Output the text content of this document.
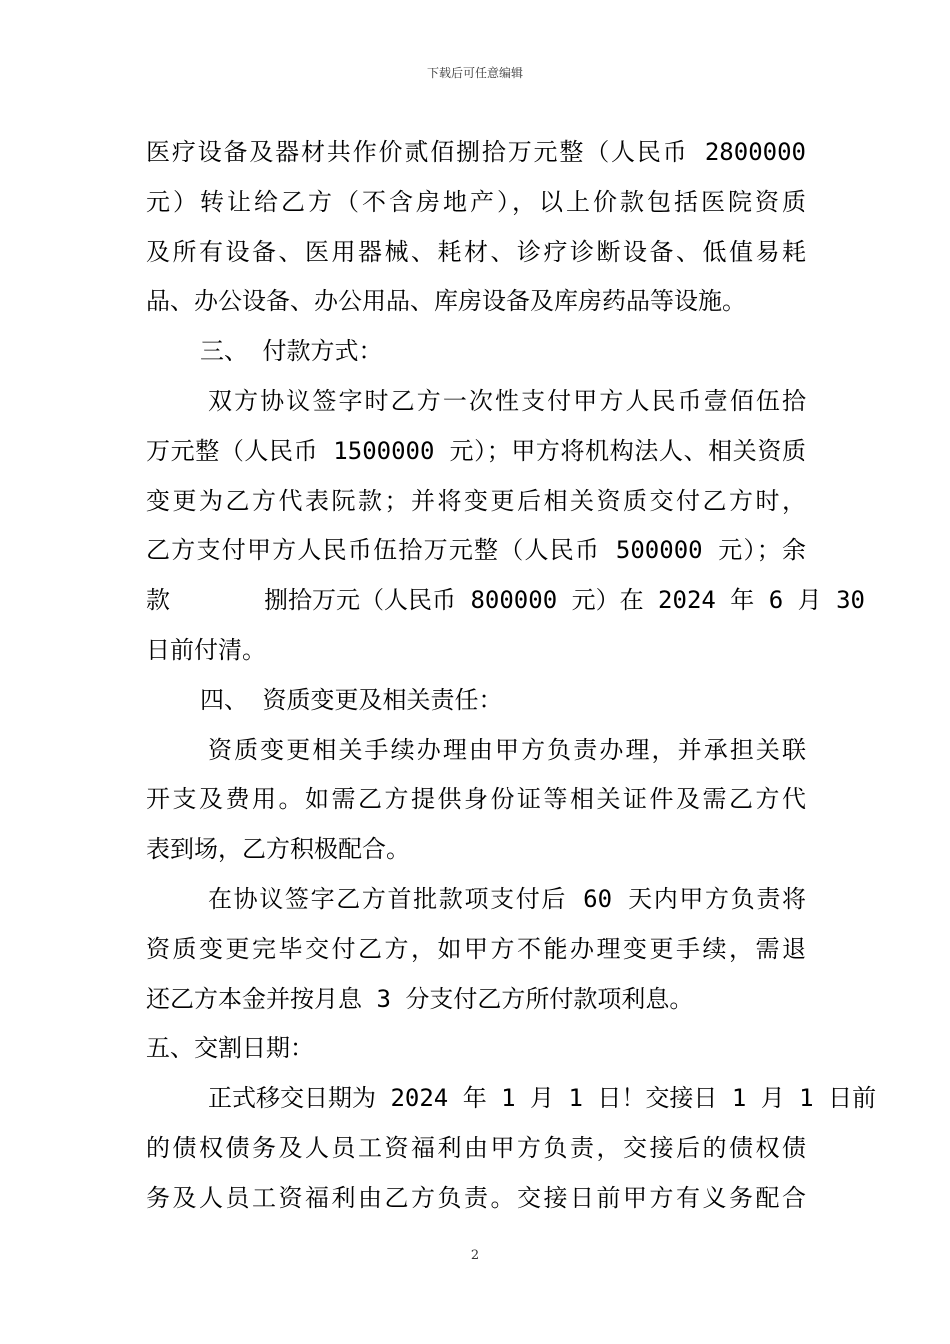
下载后可任意编辑
医疗设备及器材共作价贰佰捌拾万元整（人民币 2800000
元）转让给乙方（不含房地产），以上价款包括医院资质
及所有设备、医用器械、耗材、诊疗诊断设备、低值易耗
品、办公设备、办公用品、库房设备及库房药品等设施。
三、 付款方式：
双方协议签字时乙方一次性支付甲方人民币壹佰伍拾
万元整（人民币 1500000 元）；甲方将机构法人、相关资质
变更为乙方代表阮款；并将变更后相关资质交付乙方时，
乙方支付甲方人民币伍拾万元整（人民币 500000 元）；余
款	捌拾万元（人民币 800000 元）在 2024 年 6 月 30
日前付清。
四、 资质变更及相关责任：
资质变更相关手续办理由甲方负责办理，并承担关联
开支及费用。如需乙方提供身份证等相关证件及需乙方代
表到场，乙方积极配合。
在协议签字乙方首批款项支付后 60 天内甲方负责将
资质变更完毕交付乙方，如甲方不能办理变更手续，需退
还乙方本金并按月息 3 分支付乙方所付款项利息。
五、交割日期：
正式移交日期为 2024 年 1 月 1 日！交接日 1 月 1 日前
的债权债务及人员工资福利由甲方负责，交接后的债权债
务及人员工资福利由乙方负责。交接日前甲方有义务配合
2
